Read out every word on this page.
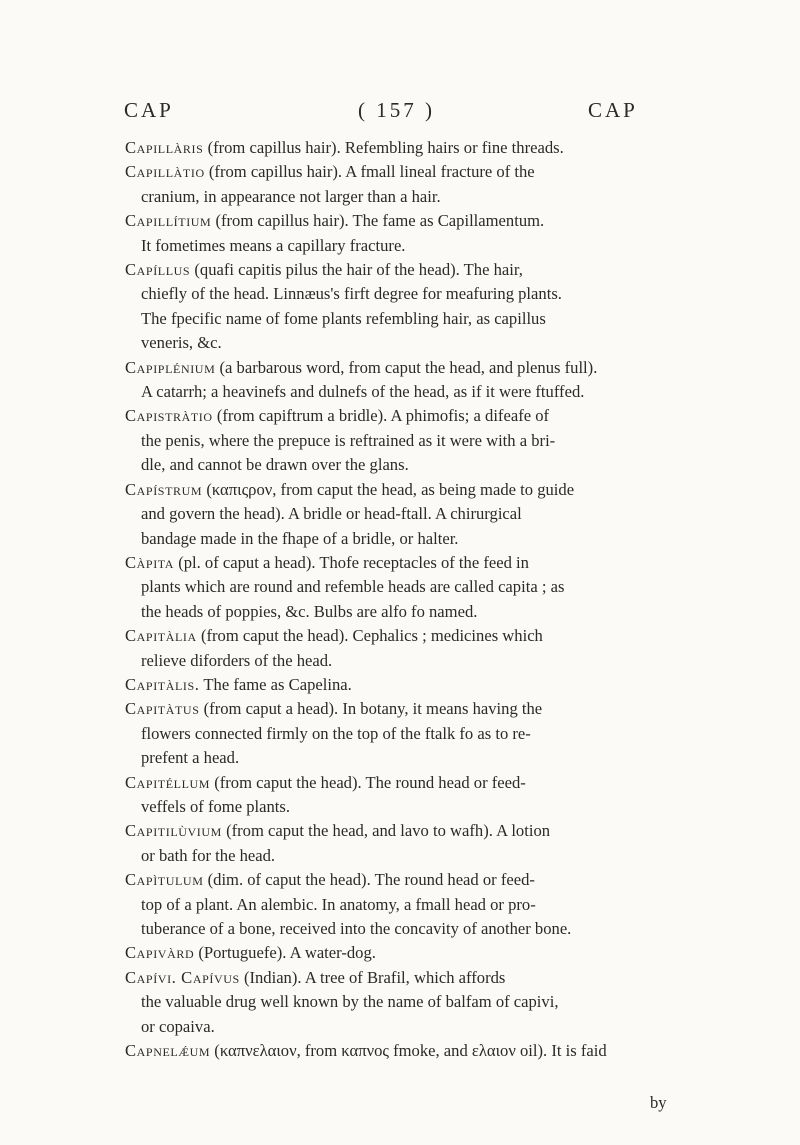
CAP	( 157 )	CAP
Capillàris (from capillus hair). Refembling hairs or fine threads.
Capillàtio (from capillus hair). A fmall lineal fracture of the
cranium, in appearance not larger than a hair.
Capillítium (from capillus hair). The fame as Capillamentum.
It fometimes means a capillary fracture.
Capíllus (quafi capitis pilus the hair of the head). The hair,
chiefly of the head. Linnæus's firft degree for meafuring plants.
The fpecific name of fome plants refembling hair, as capillus
veneris, &c.
Capiplénium (a barbarous word, from caput the head, and plenus full).
A catarrh; a heavinefs and dulnefs of the head, as if it were ftuffed.
Capistràtio (from capiftrum a bridle). A phimofis; a difeafe of
the penis, where the prepuce is reftrained as it were with a bri-
dle, and cannot be drawn over the glans.
Capístrum (καπιςρον, from caput the head, as being made to guide
and govern the head). A bridle or head-ftall. A chirurgical
bandage made in the fhape of a bridle, or halter.
Càpita (pl. of caput a head). Thofe receptacles of the feed in
plants which are round and refemble heads are called capita ; as
the heads of poppies, &c. Bulbs are alfo fo named.
Capitàlia (from caput the head). Cephalics ; medicines which
relieve diforders of the head.
Capitàlis. The fame as Capelina.
Capitàtus (from caput a head). In botany, it means having the
flowers connected firmly on the top of the ftalk fo as to re-
prefent a head.
Capitéllum (from caput the head). The round head or feed-
veffels of fome plants.
Capitilùvium (from caput the head, and lavo to wafh). A lotion
or bath for the head.
Capìtulum (dim. of caput the head). The round head or feed-
top of a plant. An alembic. In anatomy, a fmall head or pro-
tuberance of a bone, received into the concavity of another bone.
Capivàrd (Portuguefe). A water-dog.
Capívi. Capívus (Indian). A tree of Brafil, which affords
the valuable drug well known by the name of balfam of capivi,
or copaiva.
Capnelǽum (καπνελαιον, from καπνος fmoke, and ελαιον oil). It is faid
by
